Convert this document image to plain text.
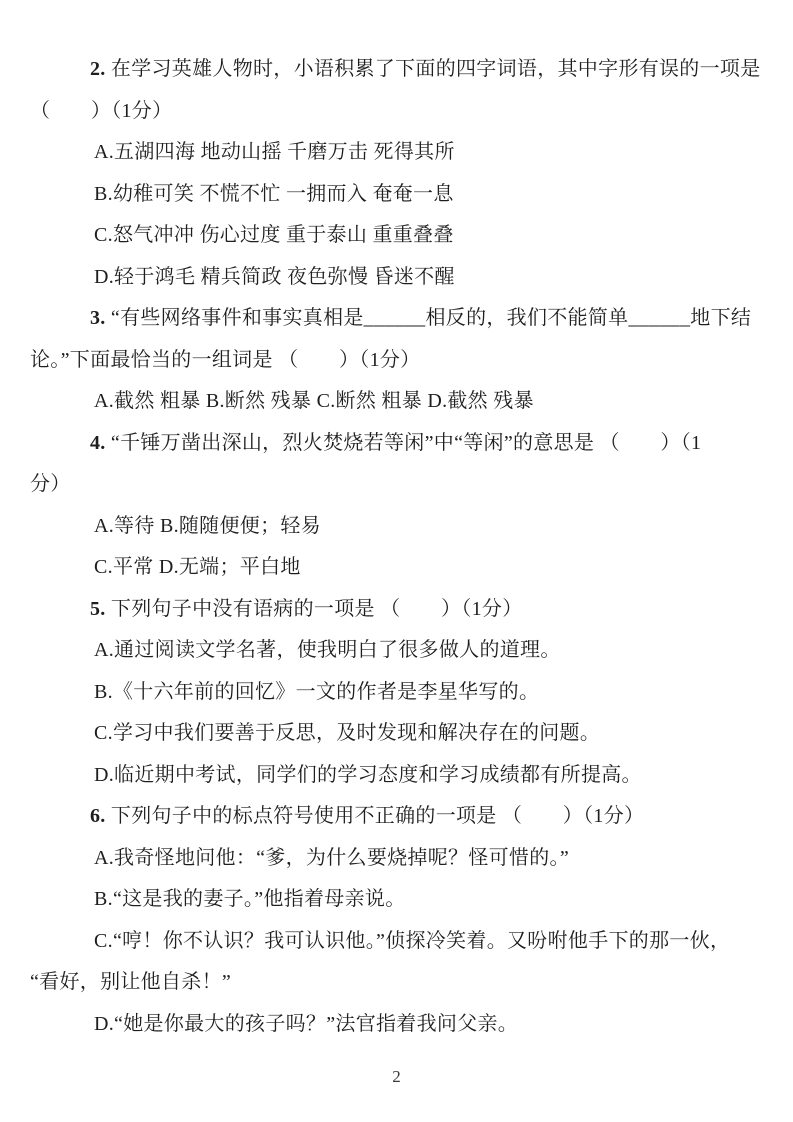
2. 在学习英雄人物时，小语积累了下面的四字词语，其中字形有误的一项是
（　　）（1分）
A.五湖四海 地动山摇 千磨万击 死得其所
B.幼稚可笑 不慌不忙 一拥而入 奄奄一息
C.怒气冲冲 伤心过度 重于泰山 重重叠叠
D.轻于鸿毛 精兵简政 夜色弥慢 昏迷不醒
3. “有些网络事件和事实真相是______相反的，我们不能简单______地下结
论。”下面最恰当的一组词是 （　　）（1分）
A.截然 粗暴 B.断然 残暴 C.断然 粗暴 D.截然 残暴
4. “千锤万凿出深山，烈火焚烧若等闲”中“等闲”的意思是 （　　）（1
分）
A.等待 B.随随便便；轻易
C.平常 D.无端；平白地
5. 下列句子中没有语病的一项是 （　　）（1分）
A.通过阅读文学名著，使我明白了很多做人的道理。
B.《十六年前的回忆》一文的作者是李星华写的。
C.学习中我们要善于反思，及时发现和解决存在的问题。
D.临近期中考试，同学们的学习态度和学习成绩都有所提高。
6. 下列句子中的标点符号使用不正确的一项是 （　　）（1分）
A.我奇怪地问他：“爹，为什么要烧掉呢？怪可惜的。”
B.“这是我的妻子。”他指着母亲说。
C.“哼！你不认识？我可认识他。”侦探冷笑着。又吩咐他手下的那一伙，
“看好，别让他自杀！”
D.“她是你最大的孩子吗？”法官指着我问父亲。
2
